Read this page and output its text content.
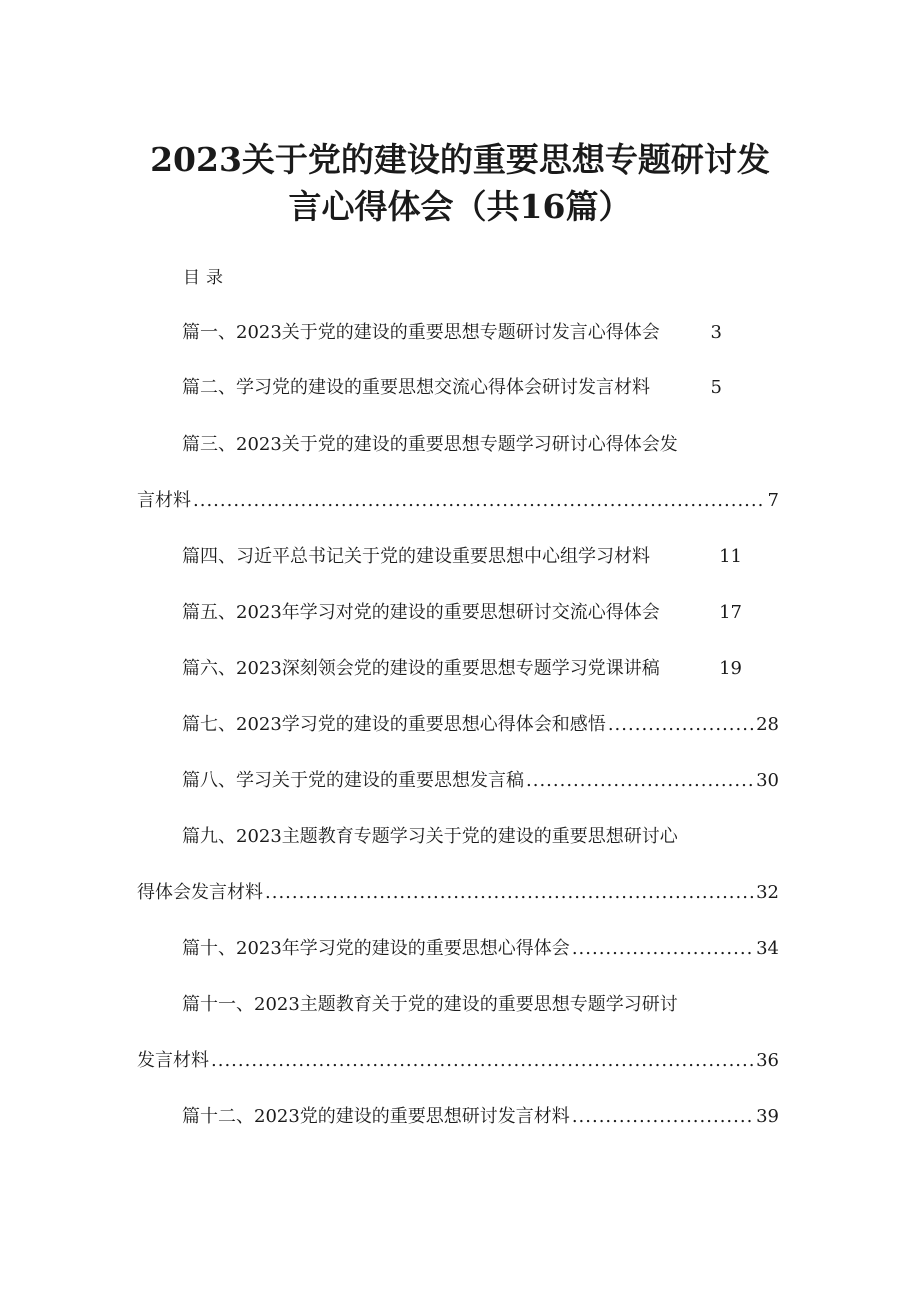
2023关于党的建设的重要思想专题研讨发
言心得体会（共16篇）
目录
篇一、2023关于党的建设的重要思想专题研讨发言心得体会	3
篇二、学习党的建设的重要思想交流心得体会研讨发言材料	5
篇三、2023关于党的建设的重要思想专题学习研讨心得体会发
言材料 .....	7
篇四、习近平总书记关于党的建设重要思想中心组学习材料	11
篇五、2023年学习对党的建设的重要思想研讨交流心得体会	17
篇六、2023深刻领会党的建设的重要思想专题学习党课讲稿	19
篇七、2023学习党的建设的重要思想心得体会和感悟 .....	28
篇八、学习关于党的建设的重要思想发言稿 .....	30
篇九、2023主题教育专题学习关于党的建设的重要思想研讨心
得体会发言材料 .....	32
篇十、2023年学习党的建设的重要思想心得体会 .....	34
篇十一、2023主题教育关于党的建设的重要思想专题学习研讨
发言材料 .....	36
篇十二、2023党的建设的重要思想研讨发言材料 .....	39
